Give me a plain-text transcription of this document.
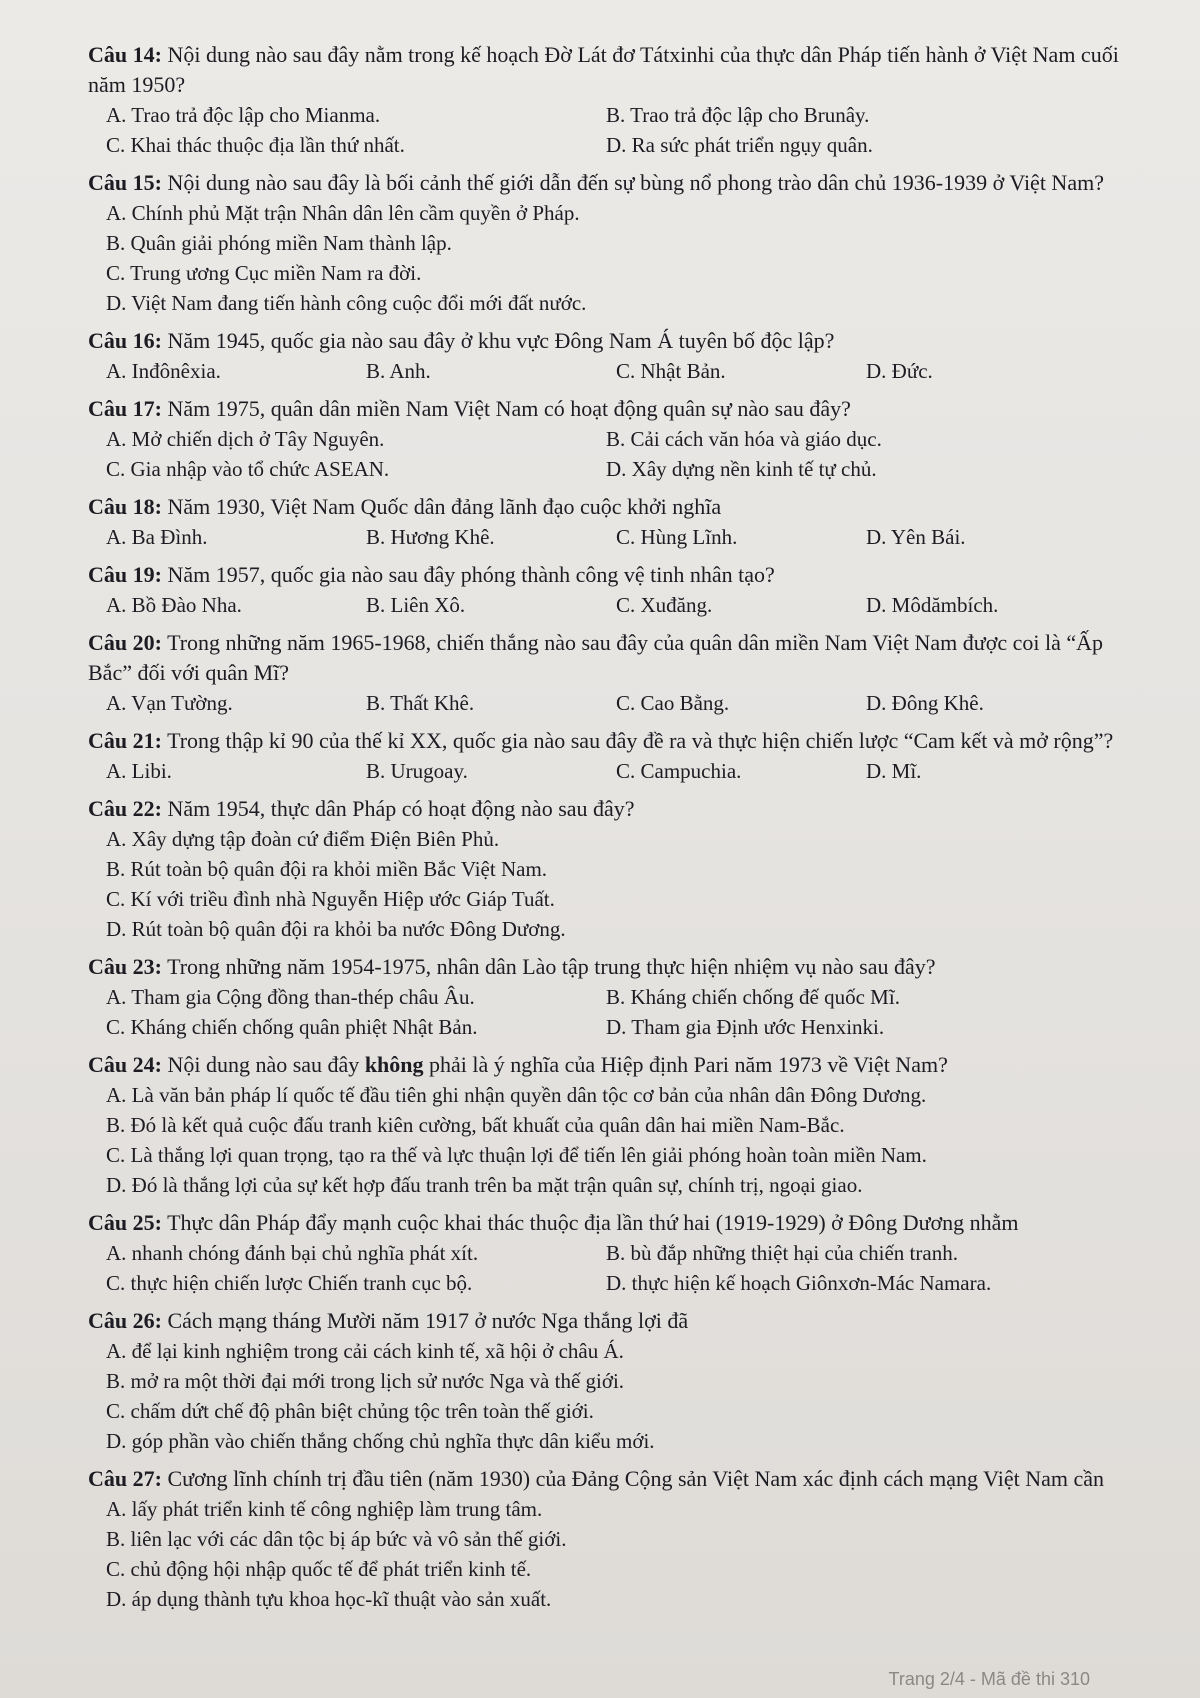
Câu 14: Nội dung nào sau đây nằm trong kế hoạch Đờ Lát đơ Tátxinhi của thực dân Pháp tiến hành ở Việt Nam cuối năm 1950?
A. Trao trả độc lập cho Mianma.	B. Trao trả độc lập cho Brunây.
C. Khai thác thuộc địa lần thứ nhất.	D. Ra sức phát triển ngụy quân.
Câu 15: Nội dung nào sau đây là bối cảnh thế giới dẫn đến sự bùng nổ phong trào dân chủ 1936-1939 ở Việt Nam?
A. Chính phủ Mặt trận Nhân dân lên cầm quyền ở Pháp.
B. Quân giải phóng miền Nam thành lập.
C. Trung ương Cục miền Nam ra đời.
D. Việt Nam đang tiến hành công cuộc đổi mới đất nước.
Câu 16: Năm 1945, quốc gia nào sau đây ở khu vực Đông Nam Á tuyên bố độc lập?
A. Inđônêxia.	B. Anh.	C. Nhật Bản.	D. Đức.
Câu 17: Năm 1975, quân dân miền Nam Việt Nam có hoạt động quân sự nào sau đây?
A. Mở chiến dịch ở Tây Nguyên.	B. Cải cách văn hóa và giáo dục.
C. Gia nhập vào tổ chức ASEAN.	D. Xây dựng nền kinh tế tự chủ.
Câu 18: Năm 1930, Việt Nam Quốc dân đảng lãnh đạo cuộc khởi nghĩa
A. Ba Đình.	B. Hương Khê.	C. Hùng Lĩnh.	D. Yên Bái.
Câu 19: Năm 1957, quốc gia nào sau đây phóng thành công vệ tinh nhân tạo?
A. Bồ Đào Nha.	B. Liên Xô.	C. Xuđăng.	D. Môdămbích.
Câu 20: Trong những năm 1965-1968, chiến thắng nào sau đây của quân dân miền Nam Việt Nam được coi là “Ấp Bắc” đối với quân Mĩ?
A. Vạn Tường.	B. Thất Khê.	C. Cao Bằng.	D. Đông Khê.
Câu 21: Trong thập kỉ 90 của thế kỉ XX, quốc gia nào sau đây đề ra và thực hiện chiến lược “Cam kết và mở rộng”?
A. Libi.	B. Urugoay.	C. Campuchia.	D. Mĩ.
Câu 22: Năm 1954, thực dân Pháp có hoạt động nào sau đây?
A. Xây dựng tập đoàn cứ điểm Điện Biên Phủ.
B. Rút toàn bộ quân đội ra khỏi miền Bắc Việt Nam.
C. Kí với triều đình nhà Nguyễn Hiệp ước Giáp Tuất.
D. Rút toàn bộ quân đội ra khỏi ba nước Đông Dương.
Câu 23: Trong những năm 1954-1975, nhân dân Lào tập trung thực hiện nhiệm vụ nào sau đây?
A. Tham gia Cộng đồng than-thép châu Âu.	B. Kháng chiến chống đế quốc Mĩ.
C. Kháng chiến chống quân phiệt Nhật Bản.	D. Tham gia Định ước Henxinki.
Câu 24: Nội dung nào sau đây không phải là ý nghĩa của Hiệp định Pari năm 1973 về Việt Nam?
A. Là văn bản pháp lí quốc tế đầu tiên ghi nhận quyền dân tộc cơ bản của nhân dân Đông Dương.
B. Đó là kết quả cuộc đấu tranh kiên cường, bất khuất của quân dân hai miền Nam-Bắc.
C. Là thắng lợi quan trọng, tạo ra thế và lực thuận lợi để tiến lên giải phóng hoàn toàn miền Nam.
D. Đó là thắng lợi của sự kết hợp đấu tranh trên ba mặt trận quân sự, chính trị, ngoại giao.
Câu 25: Thực dân Pháp đẩy mạnh cuộc khai thác thuộc địa lần thứ hai (1919-1929) ở Đông Dương nhằm
A. nhanh chóng đánh bại chủ nghĩa phát xít.	B. bù đắp những thiệt hại của chiến tranh.
C. thực hiện chiến lược Chiến tranh cục bộ.	D. thực hiện kế hoạch Giônxơn-Mác Namara.
Câu 26: Cách mạng tháng Mười năm 1917 ở nước Nga thắng lợi đã
A. để lại kinh nghiệm trong cải cách kinh tế, xã hội ở châu Á.
B. mở ra một thời đại mới trong lịch sử nước Nga và thế giới.
C. chấm dứt chế độ phân biệt chủng tộc trên toàn thế giới.
D. góp phần vào chiến thắng chống chủ nghĩa thực dân kiểu mới.
Câu 27: Cương lĩnh chính trị đầu tiên (năm 1930) của Đảng Cộng sản Việt Nam xác định cách mạng Việt Nam cần
A. lấy phát triển kinh tế công nghiệp làm trung tâm.
B. liên lạc với các dân tộc bị áp bức và vô sản thế giới.
C. chủ động hội nhập quốc tế để phát triển kinh tế.
D. áp dụng thành tựu khoa học-kĩ thuật vào sản xuất.
Trang 2/4 - Mã đề thi 310
